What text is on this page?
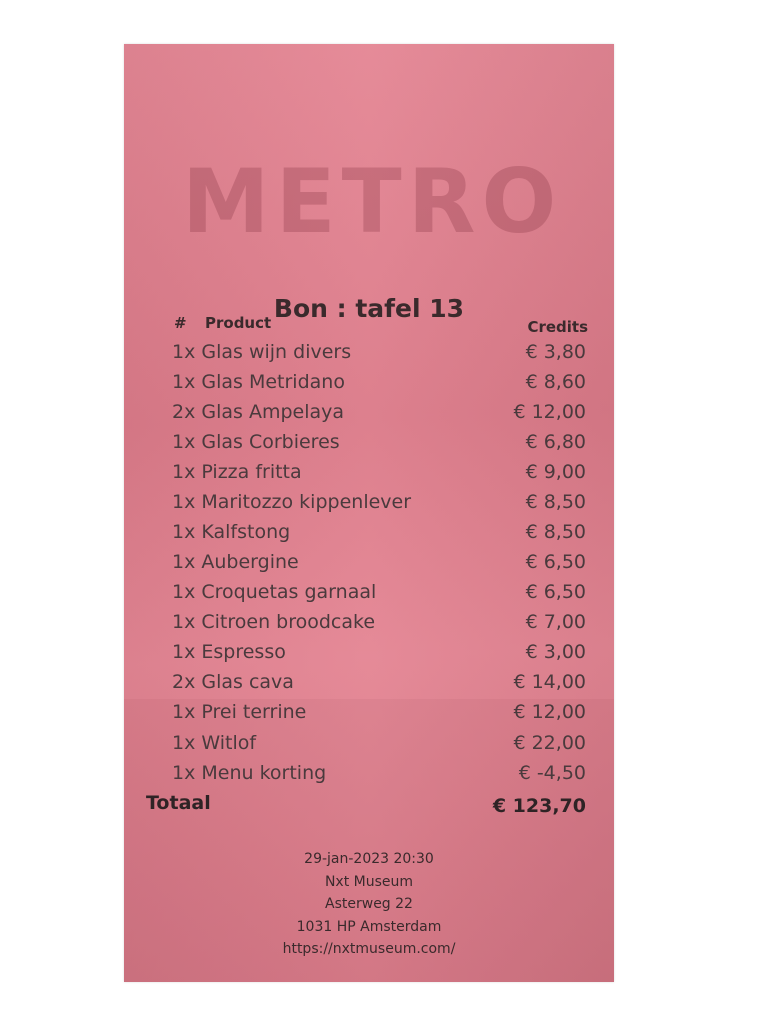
METRO
Bon : tafel 13
# Product	Credits
1x Glas wijn divers	€ 3,80
1x Glas Metridano	€ 8,60
2x Glas Ampelaya	€ 12,00
1x Glas Corbieres	€ 6,80
1x Pizza fritta	€ 9,00
1x Maritozzo kippenlever	€ 8,50
1x Kalfstong	€ 8,50
1x Aubergine	€ 6,50
1x Croquetas garnaal	€ 6,50
1x Citroen broodcake	€ 7,00
1x Espresso	€ 3,00
2x Glas cava	€ 14,00
1x Prei terrine	€ 12,00
1x Witlof	€ 22,00
1x Menu korting	€ -4,50
Totaal	€ 123,70
29-jan-2023 20:30
Nxt Museum
Asterweg 22
1031 HP Amsterdam
https://nxtmuseum.com/
